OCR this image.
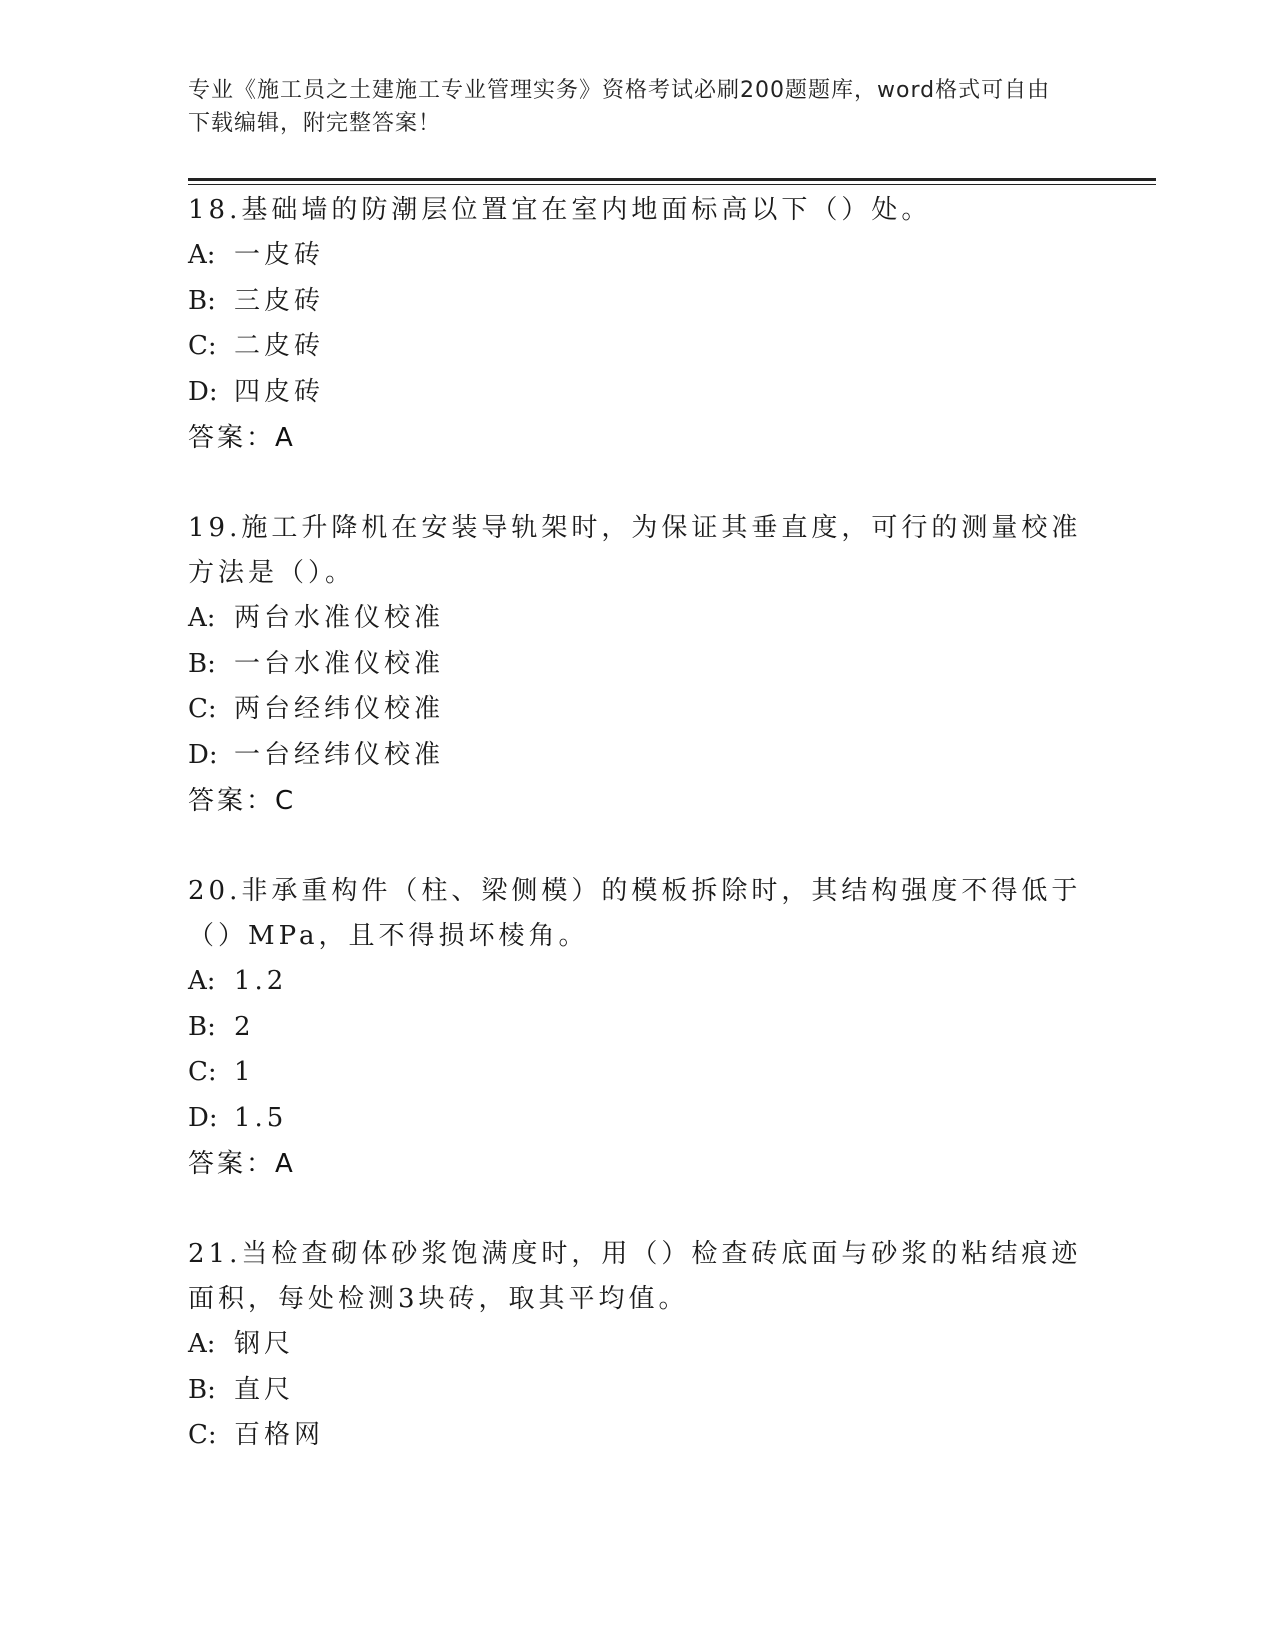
专业《施工员之土建施工专业管理实务》资格考试必刷200题题库，word格式可自由下载编辑，附完整答案！

18.基础墙的防潮层位置宜在室内地面标高以下（）处。

A: 一皮砖
B: 三皮砖
C: 二皮砖
D: 四皮砖
答案：A

19.施工升降机在安装导轨架时，为保证其垂直度，可行的测量校准方法是（）。

A: 两台水准仪校准
B: 一台水准仪校准
C: 两台经纬仪校准
D: 一台经纬仪校准
答案：C

20.非承重构件（柱、梁侧模）的模板拆除时，其结构强度不得低于（）MPa，且不得损坏棱角。

A: 1.2
B: 2
C: 1
D: 1.5
答案：A

21.当检查砌体砂浆饱满度时，用（）检查砖底面与砂浆的粘结痕迹面积，每处检测3块砖，取其平均值。

A: 钢尺
B: 直尺
C: 百格网
